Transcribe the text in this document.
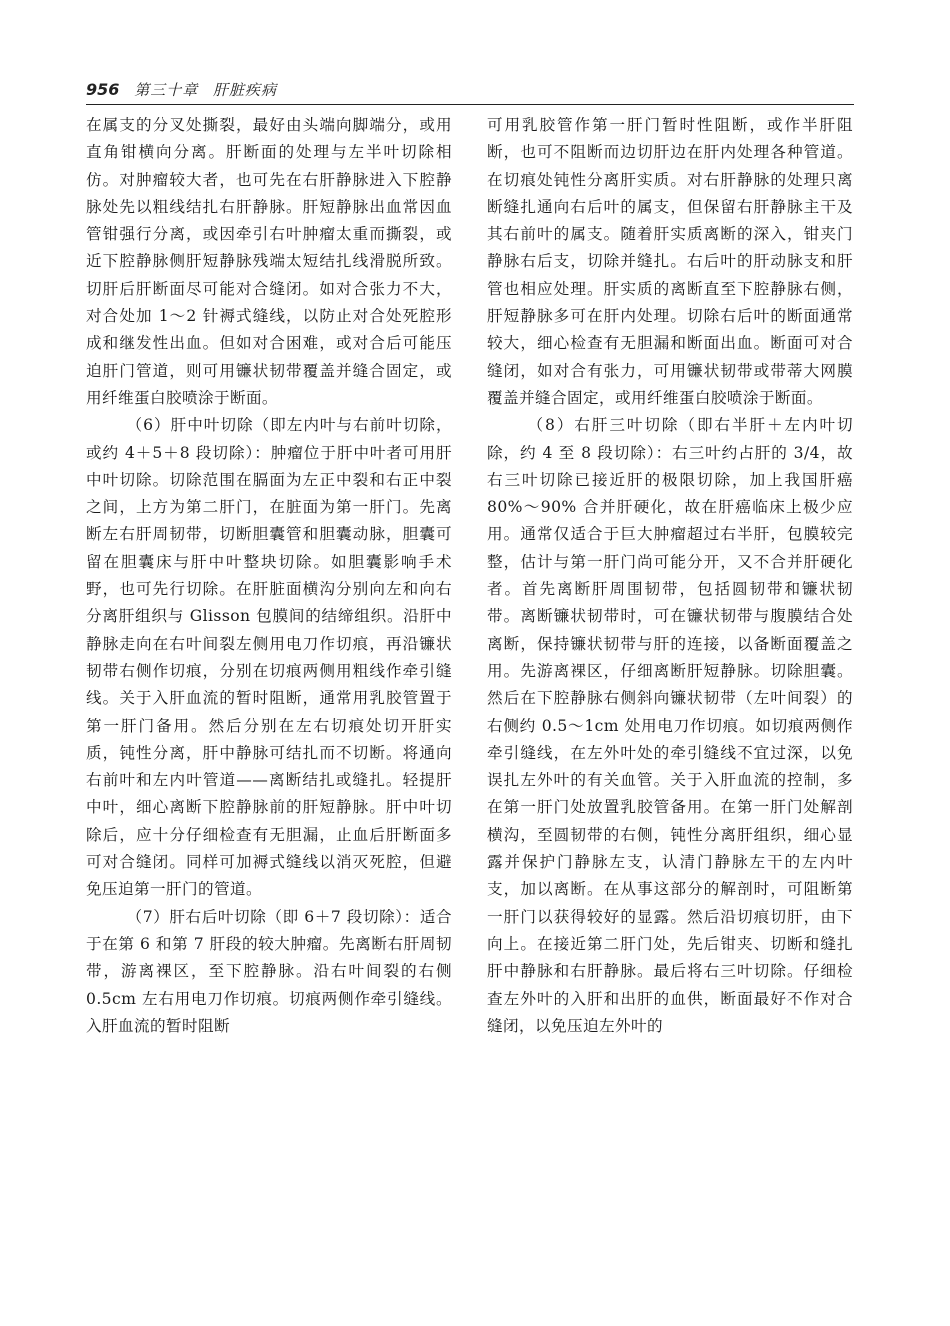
956 第三十章 肝脏疾病

在属支的分叉处撕裂，最好由头端向脚端分，或用直角钳横向分离。肝断面的处理与左半叶切除相仿。对肿瘤较大者，也可先在右肝静脉进入下腔静脉处先以粗线结扎右肝静脉。肝短静脉出血常因血管钳强行分离，或因牵引右叶肿瘤太重而撕裂，或近下腔静脉侧肝短静脉残端太短结扎线滑脱所致。切肝后肝断面尽可能对合缝闭。如对合张力不大，对合处加 1～2 针褥式缝线，以防止对合处死腔形成和继发性出血。但如对合困难，或对合后可能压迫肝门管道，则可用镰状韧带覆盖并缝合固定，或用纤维蛋白胶喷涂于断面。

（6）肝中叶切除（即左内叶与右前叶切除，或约 4＋5＋8 段切除）：肿瘤位于肝中叶者可用肝中叶切除。切除范围在膈面为左正中裂和右正中裂之间，上方为第二肝门，在脏面为第一肝门。先离断左右肝周韧带，切断胆囊管和胆囊动脉，胆囊可留在胆囊床与肝中叶整块切除。如胆囊影响手术野，也可先行切除。在肝脏面横沟分别向左和向右分离肝组织与 Glisson 包膜间的结缔组织。沿肝中静脉走向在右叶间裂左侧用电刀作切痕，再沿镰状韧带右侧作切痕，分别在切痕两侧用粗线作牵引缝线。关于入肝血流的暂时阻断，通常用乳胶管置于第一肝门备用。然后分别在左右切痕处切开肝实质，钝性分离，肝中静脉可结扎而不切断。将通向右前叶和左内叶管道——离断结扎或缝扎。轻提肝中叶，细心离断下腔静脉前的肝短静脉。肝中叶切除后，应十分仔细检查有无胆漏，止血后肝断面多可对合缝闭。同样可加褥式缝线以消灭死腔，但避免压迫第一肝门的管道。

（7）肝右后叶切除（即 6＋7 段切除）：适合于在第 6 和第 7 肝段的较大肿瘤。先离断右肝周韧带，游离裸区，至下腔静脉。沿右叶间裂的右侧 0.5cm 左右用电刀作切痕。切痕两侧作牵引缝线。入肝血流的暂时阻断

可用乳胶管作第一肝门暂时性阻断，或作半肝阻断，也可不阻断而边切肝边在肝内处理各种管道。在切痕处钝性分离肝实质。对右肝静脉的处理只离断缝扎通向右后叶的属支，但保留右肝静脉主干及其右前叶的属支。随着肝实质离断的深入，钳夹门静脉右后支，切除并缝扎。右后叶的肝动脉支和肝管也相应处理。肝实质的离断直至下腔静脉右侧，肝短静脉多可在肝内处理。切除右后叶的断面通常较大，细心检查有无胆漏和断面出血。断面可对合缝闭，如对合有张力，可用镰状韧带或带蒂大网膜覆盖并缝合固定，或用纤维蛋白胶喷涂于断面。

（8）右肝三叶切除（即右半肝＋左内叶切除，约 4 至 8 段切除）：右三叶约占肝的 3/4，故右三叶切除已接近肝的极限切除，加上我国肝癌 80%～90% 合并肝硬化，故在肝癌临床上极少应用。通常仅适合于巨大肿瘤超过右半肝，包膜较完整，估计与第一肝门尚可能分开，又不合并肝硬化者。首先离断肝周围韧带，包括圆韧带和镰状韧带。离断镰状韧带时，可在镰状韧带与腹膜结合处离断，保持镰状韧带与肝的连接，以备断面覆盖之用。先游离裸区，仔细离断肝短静脉。切除胆囊。然后在下腔静脉右侧斜向镰状韧带（左叶间裂）的右侧约 0.5～1cm 处用电刀作切痕。如切痕两侧作牵引缝线，在左外叶处的牵引缝线不宜过深，以免误扎左外叶的有关血管。关于入肝血流的控制，多在第一肝门处放置乳胶管备用。在第一肝门处解剖横沟，至圆韧带的右侧，钝性分离肝组织，细心显露并保护门静脉左支，认清门静脉左干的左内叶支，加以离断。在从事这部分的解剖时，可阻断第一肝门以获得较好的显露。然后沿切痕切肝，由下向上。在接近第二肝门处，先后钳夹、切断和缝扎肝中静脉和右肝静脉。最后将右三叶切除。仔细检查左外叶的入肝和出肝的血供，断面最好不作对合缝闭，以免压迫左外叶的
